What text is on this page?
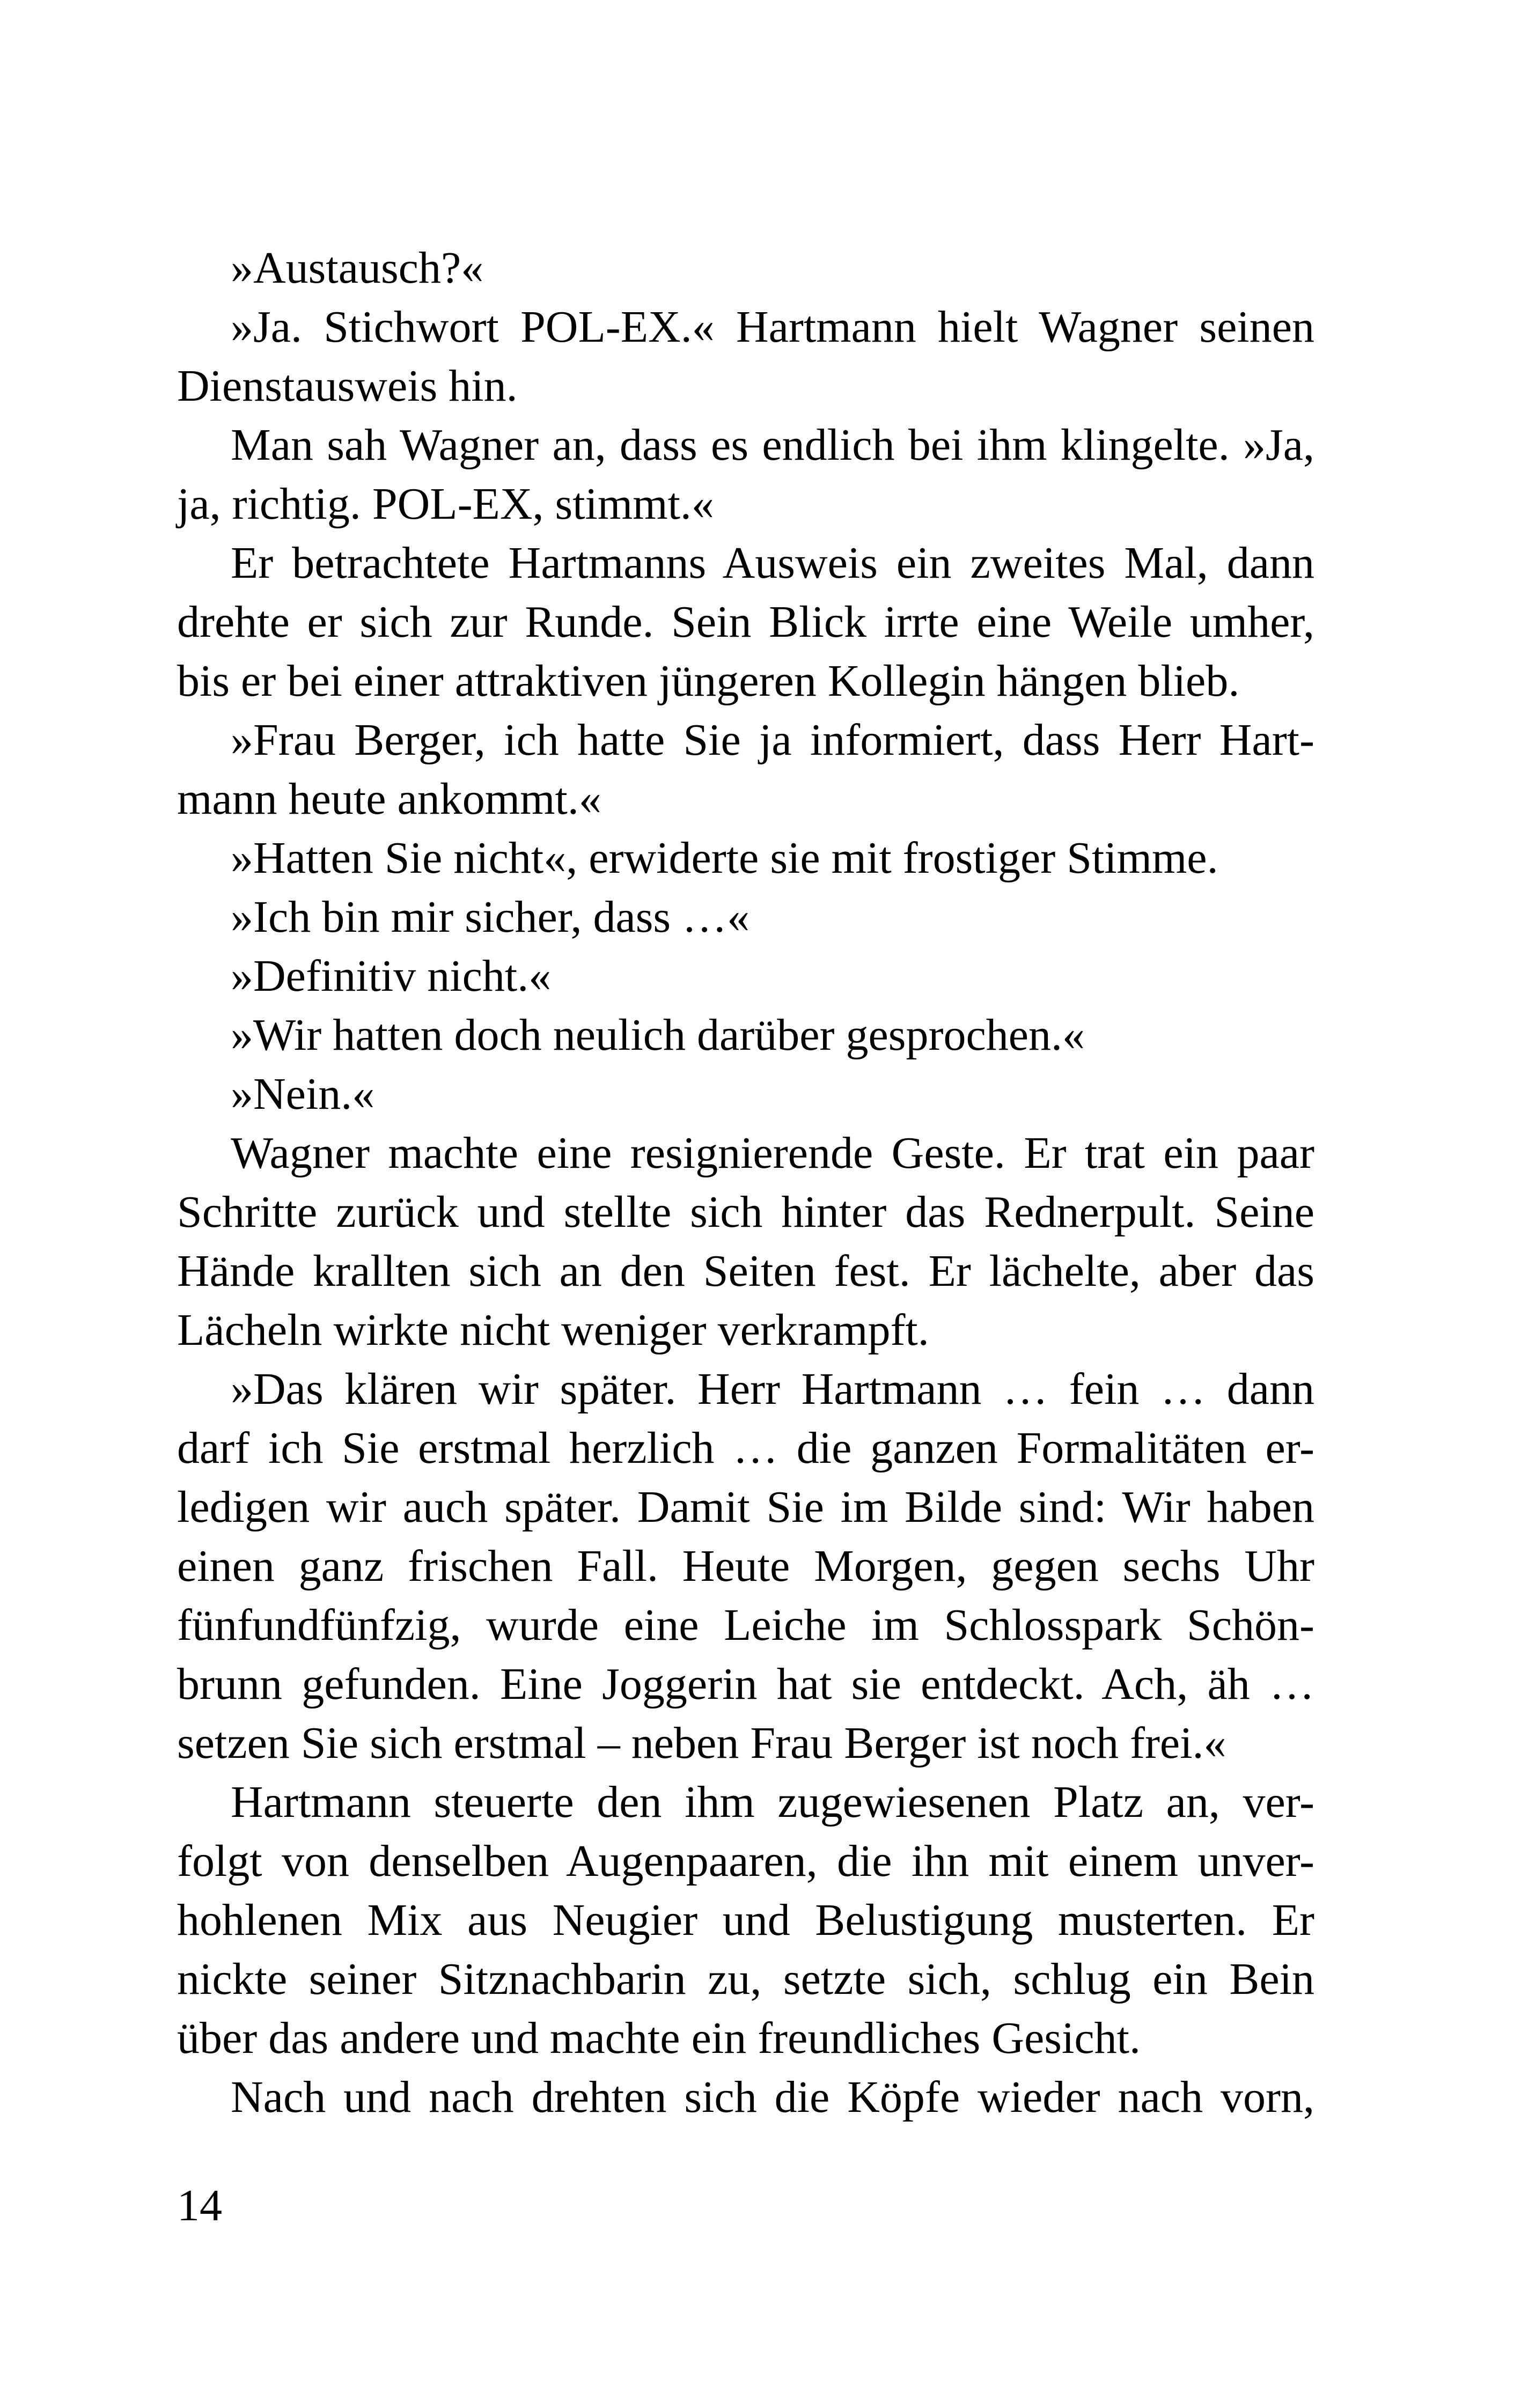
»Austausch?«
»Ja. Stichwort POL-EX.« Hartmann hielt Wagner seinen
Dienstausweis hin.
Man sah Wagner an, dass es endlich bei ihm klingelte. »Ja,
ja, richtig. POL-EX, stimmt.«
Er betrachtete Hartmanns Ausweis ein zweites Mal, dann
drehte er sich zur Runde. Sein Blick irrte eine Weile umher,
bis er bei einer attraktiven jüngeren Kollegin hängen blieb.
»Frau Berger, ich hatte Sie ja informiert, dass Herr Hart-
mann heute ankommt.«
»Hatten Sie nicht«, erwiderte sie mit frostiger Stimme.
»Ich bin mir sicher, dass …«
»Definitiv nicht.«
»Wir hatten doch neulich darüber gesprochen.«
»Nein.«
Wagner machte eine resignierende Geste. Er trat ein paar
Schritte zurück und stellte sich hinter das Rednerpult. Seine
Hände krallten sich an den Seiten fest. Er lächelte, aber das
Lächeln wirkte nicht weniger verkrampft.
»Das klären wir später. Herr Hartmann … fein … dann
darf ich Sie erstmal herzlich … die ganzen Formalitäten er-
ledigen wir auch später. Damit Sie im Bilde sind: Wir haben
einen ganz frischen Fall. Heute Morgen, gegen sechs Uhr
fünfundfünfzig, wurde eine Leiche im Schlosspark Schön-
brunn gefunden. Eine Joggerin hat sie entdeckt. Ach, äh …
setzen Sie sich erstmal – neben Frau Berger ist noch frei.«
Hartmann steuerte den ihm zugewiesenen Platz an, ver-
folgt von denselben Augenpaaren, die ihn mit einem unver-
hohlenen Mix aus Neugier und Belustigung musterten. Er
nickte seiner Sitznachbarin zu, setzte sich, schlug ein Bein
über das andere und machte ein freundliches Gesicht.
Nach und nach drehten sich die Köpfe wieder nach vorn,
14
